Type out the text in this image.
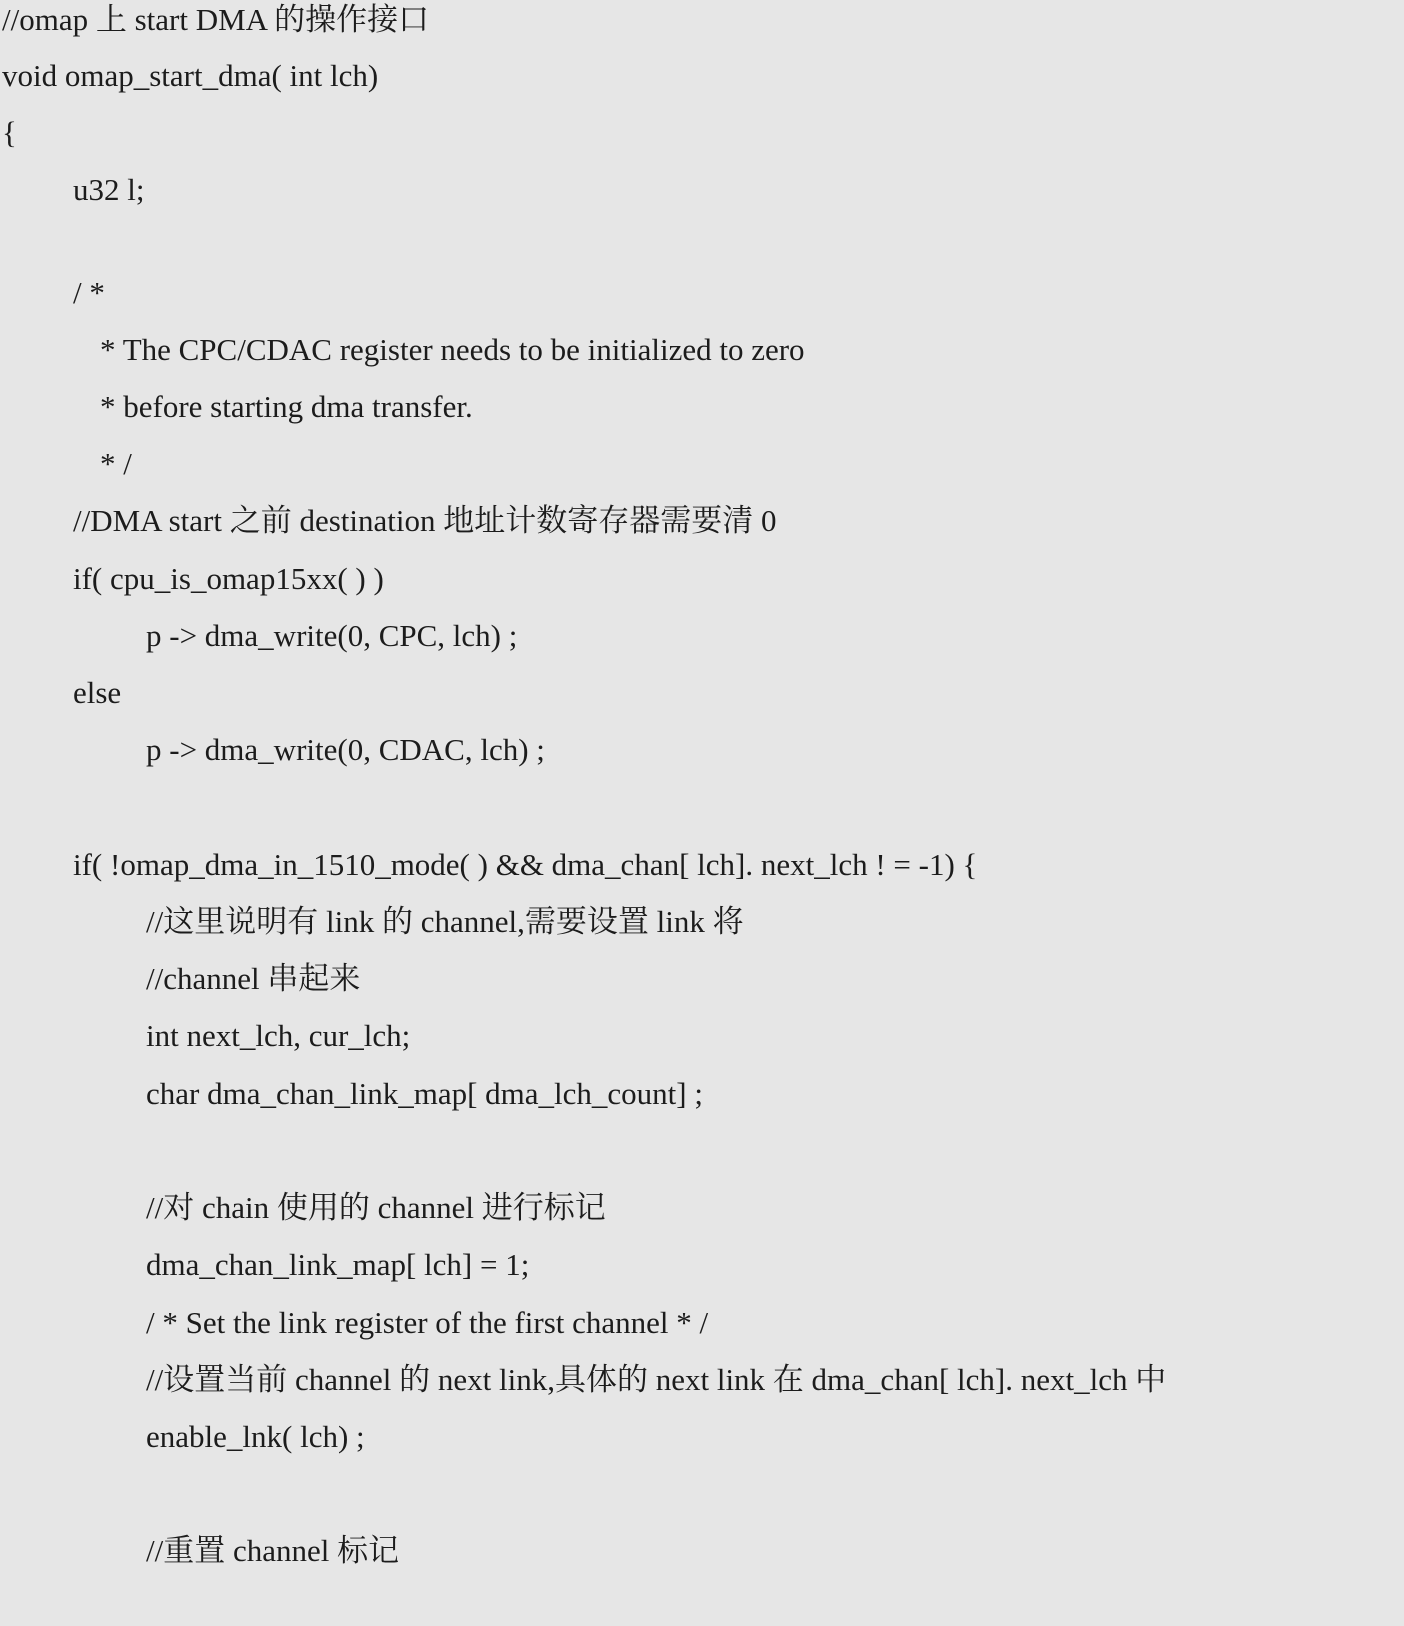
//omap 上 start DMA 的操作接口
void omap_start_dma( int lch)
{
u32 l;
/ *
* The CPC/CDAC register needs to be initialized to zero
* before starting dma transfer.
* /
//DMA start 之前 destination 地址计数寄存器需要清 0
if( cpu_is_omap15xx( ) )
p -> dma_write(0, CPC, lch) ;
else
p -> dma_write(0, CDAC, lch) ;
if( !omap_dma_in_1510_mode( ) && dma_chan[ lch]. next_lch ! = -1) {
//这里说明有 link 的 channel,需要设置 link 将
//channel 串起来
int next_lch, cur_lch;
char dma_chan_link_map[ dma_lch_count] ;
//对 chain 使用的 channel 进行标记
dma_chan_link_map[ lch] = 1;
/ * Set the link register of the first channel * /
//设置当前 channel 的 next link,具体的 next link 在 dma_chan[ lch]. next_lch 中
enable_lnk( lch) ;
//重置 channel 标记
